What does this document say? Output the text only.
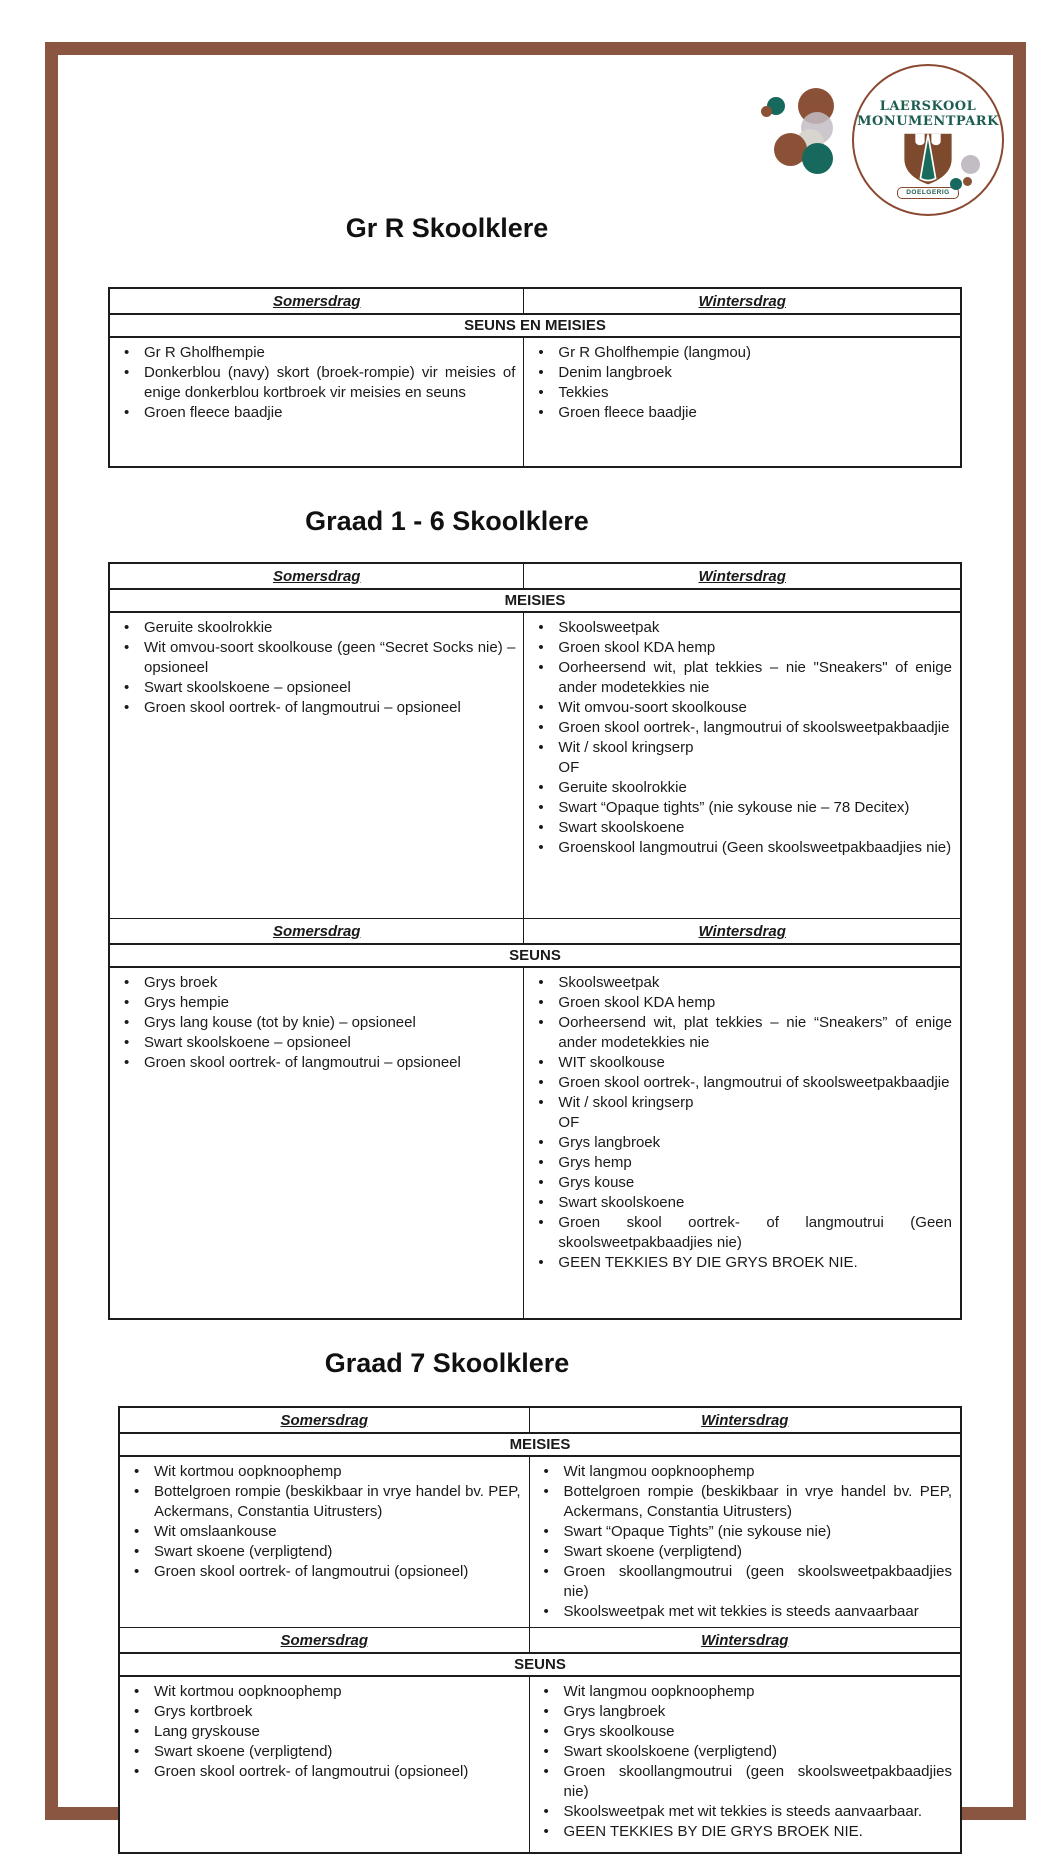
LAERSKOOL
MONUMENTPARK
DOELGERIG
Gr R Skoolklere
Somersdrag	Wintersdrag
SEUNS EN MEISIES	

• Gr R Gholfhempie
• Donkerblou (navy) skort (broek-rompie) vir meisies of enige donkerblou kortbroek vir meisies en seuns
• Groen fleece baadjie

• Gr R Gholfhempie (langmou)
• Denim langbroek
• Tekkies
• Groen fleece baadjie
Graad 1 - 6 Skoolklere
Somersdrag	Wintersdrag
MEISIES	

• Geruite skoolrokkie
• Wit omvou-soort skoolkouse (geen “Secret Socks nie) – opsioneel
• Swart skoolskoene – opsioneel
• Groen skool oortrek- of langmoutrui – opsioneel

• Skoolsweetpak
• Groen skool KDA hemp
• Oorheersend wit, plat tekkies – nie "Sneakers" of enige ander modetekkies nie
• Wit omvou-soort skoolkouse
• Groen skool oortrek-, langmoutrui of skoolsweetpakbaadjie
• Wit / skool kringserp
OF
• Geruite skoolrokkie
• Swart “Opaque tights” (nie sykouse nie – 78 Decitex)
• Swart skoolskoene
• Groenskool langmoutrui (Geen skoolsweetpakbaadjies nie)

Somersdrag	Wintersdrag
SEUNS	

• Grys broek
• Grys hempie
• Grys lang kouse (tot by knie) – opsioneel
• Swart skoolskoene – opsioneel
• Groen skool oortrek- of langmoutrui – opsioneel

• Skoolsweetpak
• Groen skool KDA hemp
• Oorheersend wit, plat tekkies – nie “Sneakers” of enige ander modetekkies nie
• WIT skoolkouse
• Groen skool oortrek-, langmoutrui of skoolsweetpakbaadjie
• Wit / skool kringserp
OF
• Grys langbroek
• Grys hemp
• Grys kouse
• Swart skoolskoene
• Groen skool oortrek- of langmoutrui (Geen skoolsweetpakbaadjies nie)
• GEEN TEKKIES BY DIE GRYS BROEK NIE.
Graad 7 Skoolklere
Somersdrag	Wintersdrag
MEISIES	

• Wit kortmou oopknoophemp
• Bottelgroen rompie (beskikbaar in vrye handel bv. PEP, Ackermans, Constantia Uitrusters)
• Wit omslaankouse
• Swart skoene (verpligtend)
• Groen skool oortrek- of langmoutrui (opsioneel)

• Wit langmou oopknoophemp
• Bottelgroen rompie (beskikbaar in vrye handel bv. PEP, Ackermans, Constantia Uitrusters)
• Swart “Opaque Tights” (nie sykouse nie)
• Swart skoene (verpligtend)
• Groen skoollangmoutrui (geen skoolsweetpakbaadjies nie)
• Skoolsweetpak met wit tekkies is steeds aanvaarbaar

Somersdrag	Wintersdrag
SEUNS	

• Wit kortmou oopknoophemp
• Grys kortbroek
• Lang gryskouse
• Swart skoene (verpligtend)
• Groen skool oortrek- of langmoutrui (opsioneel)

• Wit langmou oopknoophemp
• Grys langbroek
• Grys skoolkouse
• Swart skoolskoene (verpligtend)
• Groen skoollangmoutrui (geen skoolsweetpakbaadjies nie)
• Skoolsweetpak met wit tekkies is steeds aanvaarbaar.
• GEEN TEKKIES BY DIE GRYS BROEK NIE.
